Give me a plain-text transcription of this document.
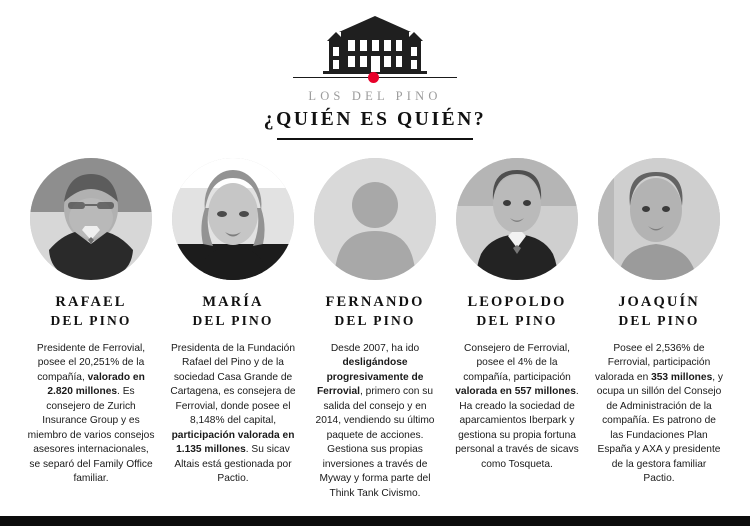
LOS DEL PINO
¿QUIÉN ES QUIÉN?
RAFAEL
DEL PINO
Presidente de Ferrovial, posee el 20,251% de la compañía, valorado en 2.820 millones. Es consejero de Zurich Insurance Group y es miembro de varios consejos asesores internacionales, se separó del Family Office familiar.
MARÍA
DEL PINO
Presidenta de la Fundación Rafael del Pino y de la sociedad Casa Grande de Cartagena, es consejera de Ferrovial, donde posee el 8,148% del capital, participación valorada en 1.135 millones. Su sicav Altais está gestionada por Pactio.
FERNANDO
DEL PINO
Desde 2007, ha ido desligándose progresivamente de Ferrovial, primero con su salida del consejo y en 2014, vendiendo su último paquete de acciones. Gestiona sus propias inversiones a través de Myway y forma parte del Think Tank Civismo.
LEOPOLDO
DEL PINO
Consejero de Ferrovial, posee el 4% de la compañía, participación valorada en 557 millones. Ha creado la sociedad de aparcamientos Iberpark y gestiona su propia fortuna personal a través de sicavs como Tosqueta.
JOAQUÍN
DEL PINO
Posee el 2,536% de Ferrovial, participación valorada en 353 millones, y ocupa un sillón del Consejo de Administración de la compañía. Es patrono de las Fundaciones Plan España y AXA y presidente de la gestora familiar Pactio.
